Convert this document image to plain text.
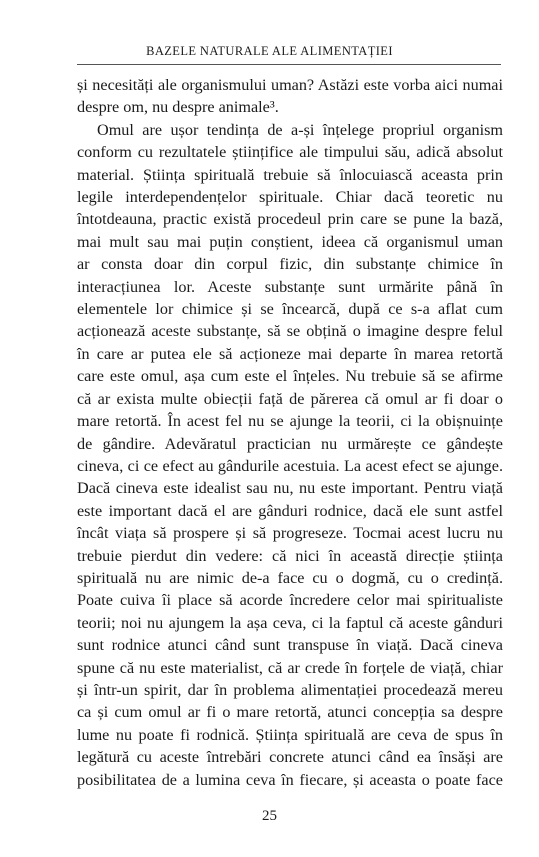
BAZELE NATURALE ALE ALIMENTAȚIEI
și necesități ale organismului uman? Astăzi este vorba aici numai
despre om, nu despre animale³.
Omul are ușor tendința de a-și înțelege propriul organism
conform cu rezultatele științifice ale timpului său, adică absolut
material. Știința spirituală trebuie să înlocuiască aceasta prin
legile interdependențelor spirituale. Chiar dacă teoretic nu
întotdeauna, practic există procedeul prin care se pune la bază,
mai mult sau mai puțin conștient, ideea că organismul uman
ar consta doar din corpul fizic, din substanțe chimice în
interacțiunea lor. Aceste substanțe sunt urmărite până în
elementele lor chimice și se încearcă, după ce s-a aflat cum
acționează aceste substanțe, să se obțină o imagine despre felul
în care ar putea ele să acționeze mai departe în marea retortă
care este omul, așa cum este el înțeles. Nu trebuie să se afirme
că ar exista multe obiecții față de părerea că omul ar fi doar o
mare retortă. În acest fel nu se ajunge la teorii, ci la obișnuințe
de gândire. Adevăratul practician nu urmărește ce gândește
cineva, ci ce efect au gândurile acestuia. La acest efect se ajunge.
Dacă cineva este idealist sau nu, nu este important. Pentru viață
este important dacă el are gânduri rodnice, dacă ele sunt astfel
încât viața să prospere și să progreseze. Tocmai acest lucru nu
trebuie pierdut din vedere: că nici în această direcție știința
spirituală nu are nimic de-a face cu o dogmă, cu o credință.
Poate cuiva îi place să acorde încredere celor mai spiritualiste
teorii; noi nu ajungem la așa ceva, ci la faptul că aceste gânduri
sunt rodnice atunci când sunt transpuse în viață. Dacă cineva
spune că nu este materialist, că ar crede în forțele de viață, chiar
și într-un spirit, dar în problema alimentației procedează mereu
ca și cum omul ar fi o mare retortă, atunci concepția sa despre
lume nu poate fi rodnică. Știința spirituală are ceva de spus în
legătură cu aceste întrebări concrete atunci când ea însăși are
posibilitatea de a lumina ceva în fiecare, și aceasta o poate face
25
